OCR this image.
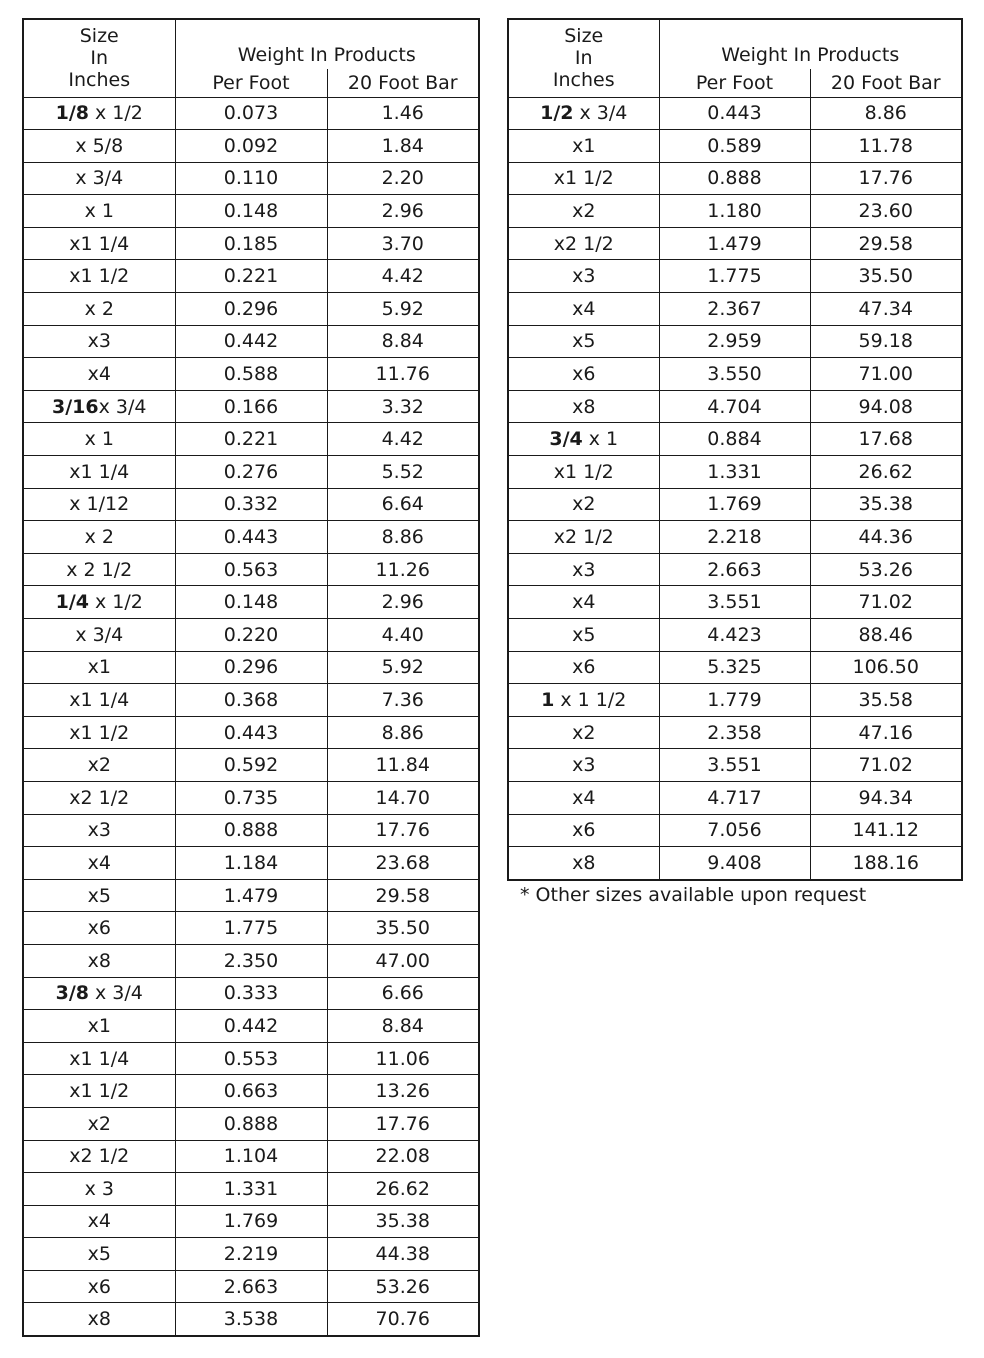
Size
In
Inches	Weight In Products	
	Per Foot	20 Foot Bar
1/8 x 1/2	0.073	1.46
x 5/8	0.092	1.84
x 3/4	0.110	2.20
x 1	0.148	2.96
x1 1/4	0.185	3.70
x1 1/2	0.221	4.42
x 2	0.296	5.92
x3	0.442	8.84
x4	0.588	11.76
3/16x 3/4	0.166	3.32
x 1	0.221	4.42
x1 1/4	0.276	5.52
x 1/12	0.332	6.64
x 2	0.443	8.86
x 2 1/2	0.563	11.26
1/4 x 1/2	0.148	2.96
x 3/4	0.220	4.40
x1	0.296	5.92
x1 1/4	0.368	7.36
x1 1/2	0.443	8.86
x2	0.592	11.84
x2 1/2	0.735	14.70
x3	0.888	17.76
x4	1.184	23.68
x5	1.479	29.58
x6	1.775	35.50
x8	2.350	47.00
3/8 x 3/4	0.333	6.66
x1	0.442	8.84
x1 1/4	0.553	11.06
x1 1/2	0.663	13.26
x2	0.888	17.76
x2 1/2	1.104	22.08
x 3	1.331	26.62
x4	1.769	35.38
x5	2.219	44.38
x6	2.663	53.26
x8	3.538	70.76
Size
In
Inches	Weight In Products	
	Per Foot	20 Foot Bar
1/2 x 3/4	0.443	8.86
x1	0.589	11.78
x1 1/2	0.888	17.76
x2	1.180	23.60
x2 1/2	1.479	29.58
x3	1.775	35.50
x4	2.367	47.34
x5	2.959	59.18
x6	3.550	71.00
x8	4.704	94.08
3/4 x 1	0.884	17.68
x1 1/2	1.331	26.62
x2	1.769	35.38
x2 1/2	2.218	44.36
x3	2.663	53.26
x4	3.551	71.02
x5	4.423	88.46
x6	5.325	106.50
1 x 1 1/2	1.779	35.58
x2	2.358	47.16
x3	3.551	71.02
x4	4.717	94.34
x6	7.056	141.12
x8	9.408	188.16
* Other sizes available upon request
